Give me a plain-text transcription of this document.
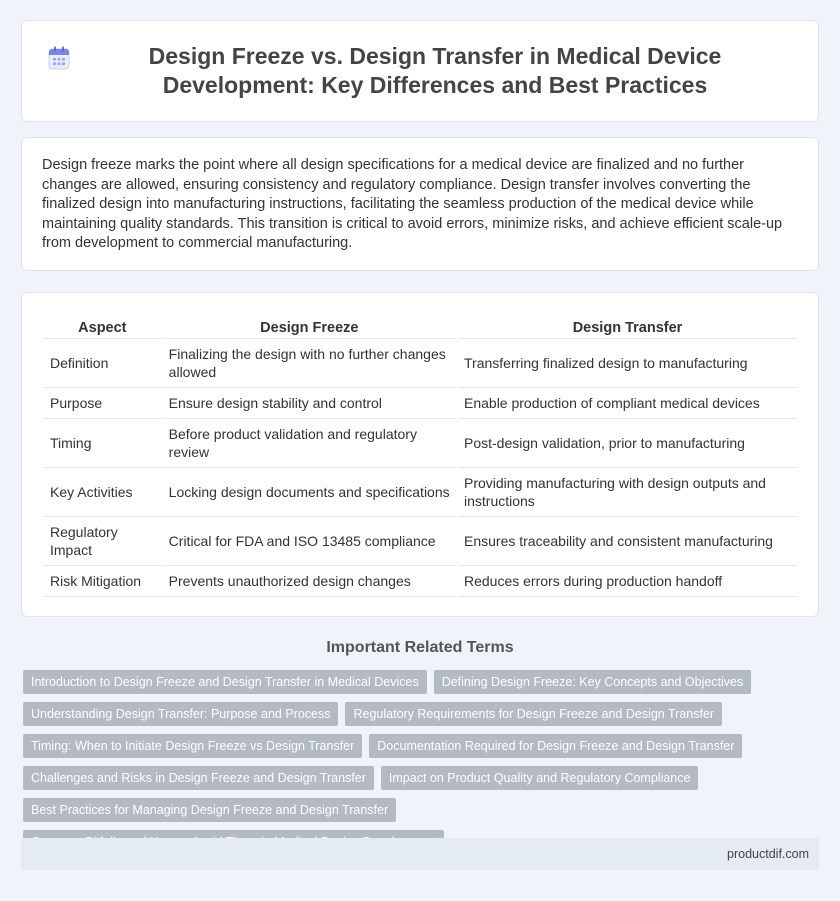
Design Freeze vs. Design Transfer in Medical Device Development: Key Differences and Best Practices

Design freeze marks the point where all design specifications for a medical device are finalized and no further changes are allowed, ensuring consistency and regulatory compliance. Design transfer involves converting the finalized design into manufacturing instructions, facilitating the seamless production of the medical device while maintaining quality standards. This transition is critical to avoid errors, minimize risks, and achieve efficient scale-up from development to commercial manufacturing.

Aspect	Design Freeze	Design Transfer
Definition	Finalizing the design with no further changes allowed	Transferring finalized design to manufacturing
Purpose	Ensure design stability and control	Enable production of compliant medical devices
Timing	Before product validation and regulatory review	Post-design validation, prior to manufacturing
Key Activities	Locking design documents and specifications	Providing manufacturing with design outputs and instructions
Regulatory Impact	Critical for FDA and ISO 13485 compliance	Ensures traceability and consistent manufacturing
Risk Mitigation	Prevents unauthorized design changes	Reduces errors during production handoff
Important Related Terms
Introduction to Design Freeze and Design Transfer in Medical Devices	Defining Design Freeze: Key Concepts and Objectives
Understanding Design Transfer: Purpose and Process	Regulatory Requirements for Design Freeze and Design Transfer
Timing: When to Initiate Design Freeze vs Design Transfer	Documentation Required for Design Freeze and Design Transfer
Challenges and Risks in Design Freeze and Design Transfer	Impact on Product Quality and Regulatory Compliance
Best Practices for Managing Design Freeze and Design Transfer
productdif.com
